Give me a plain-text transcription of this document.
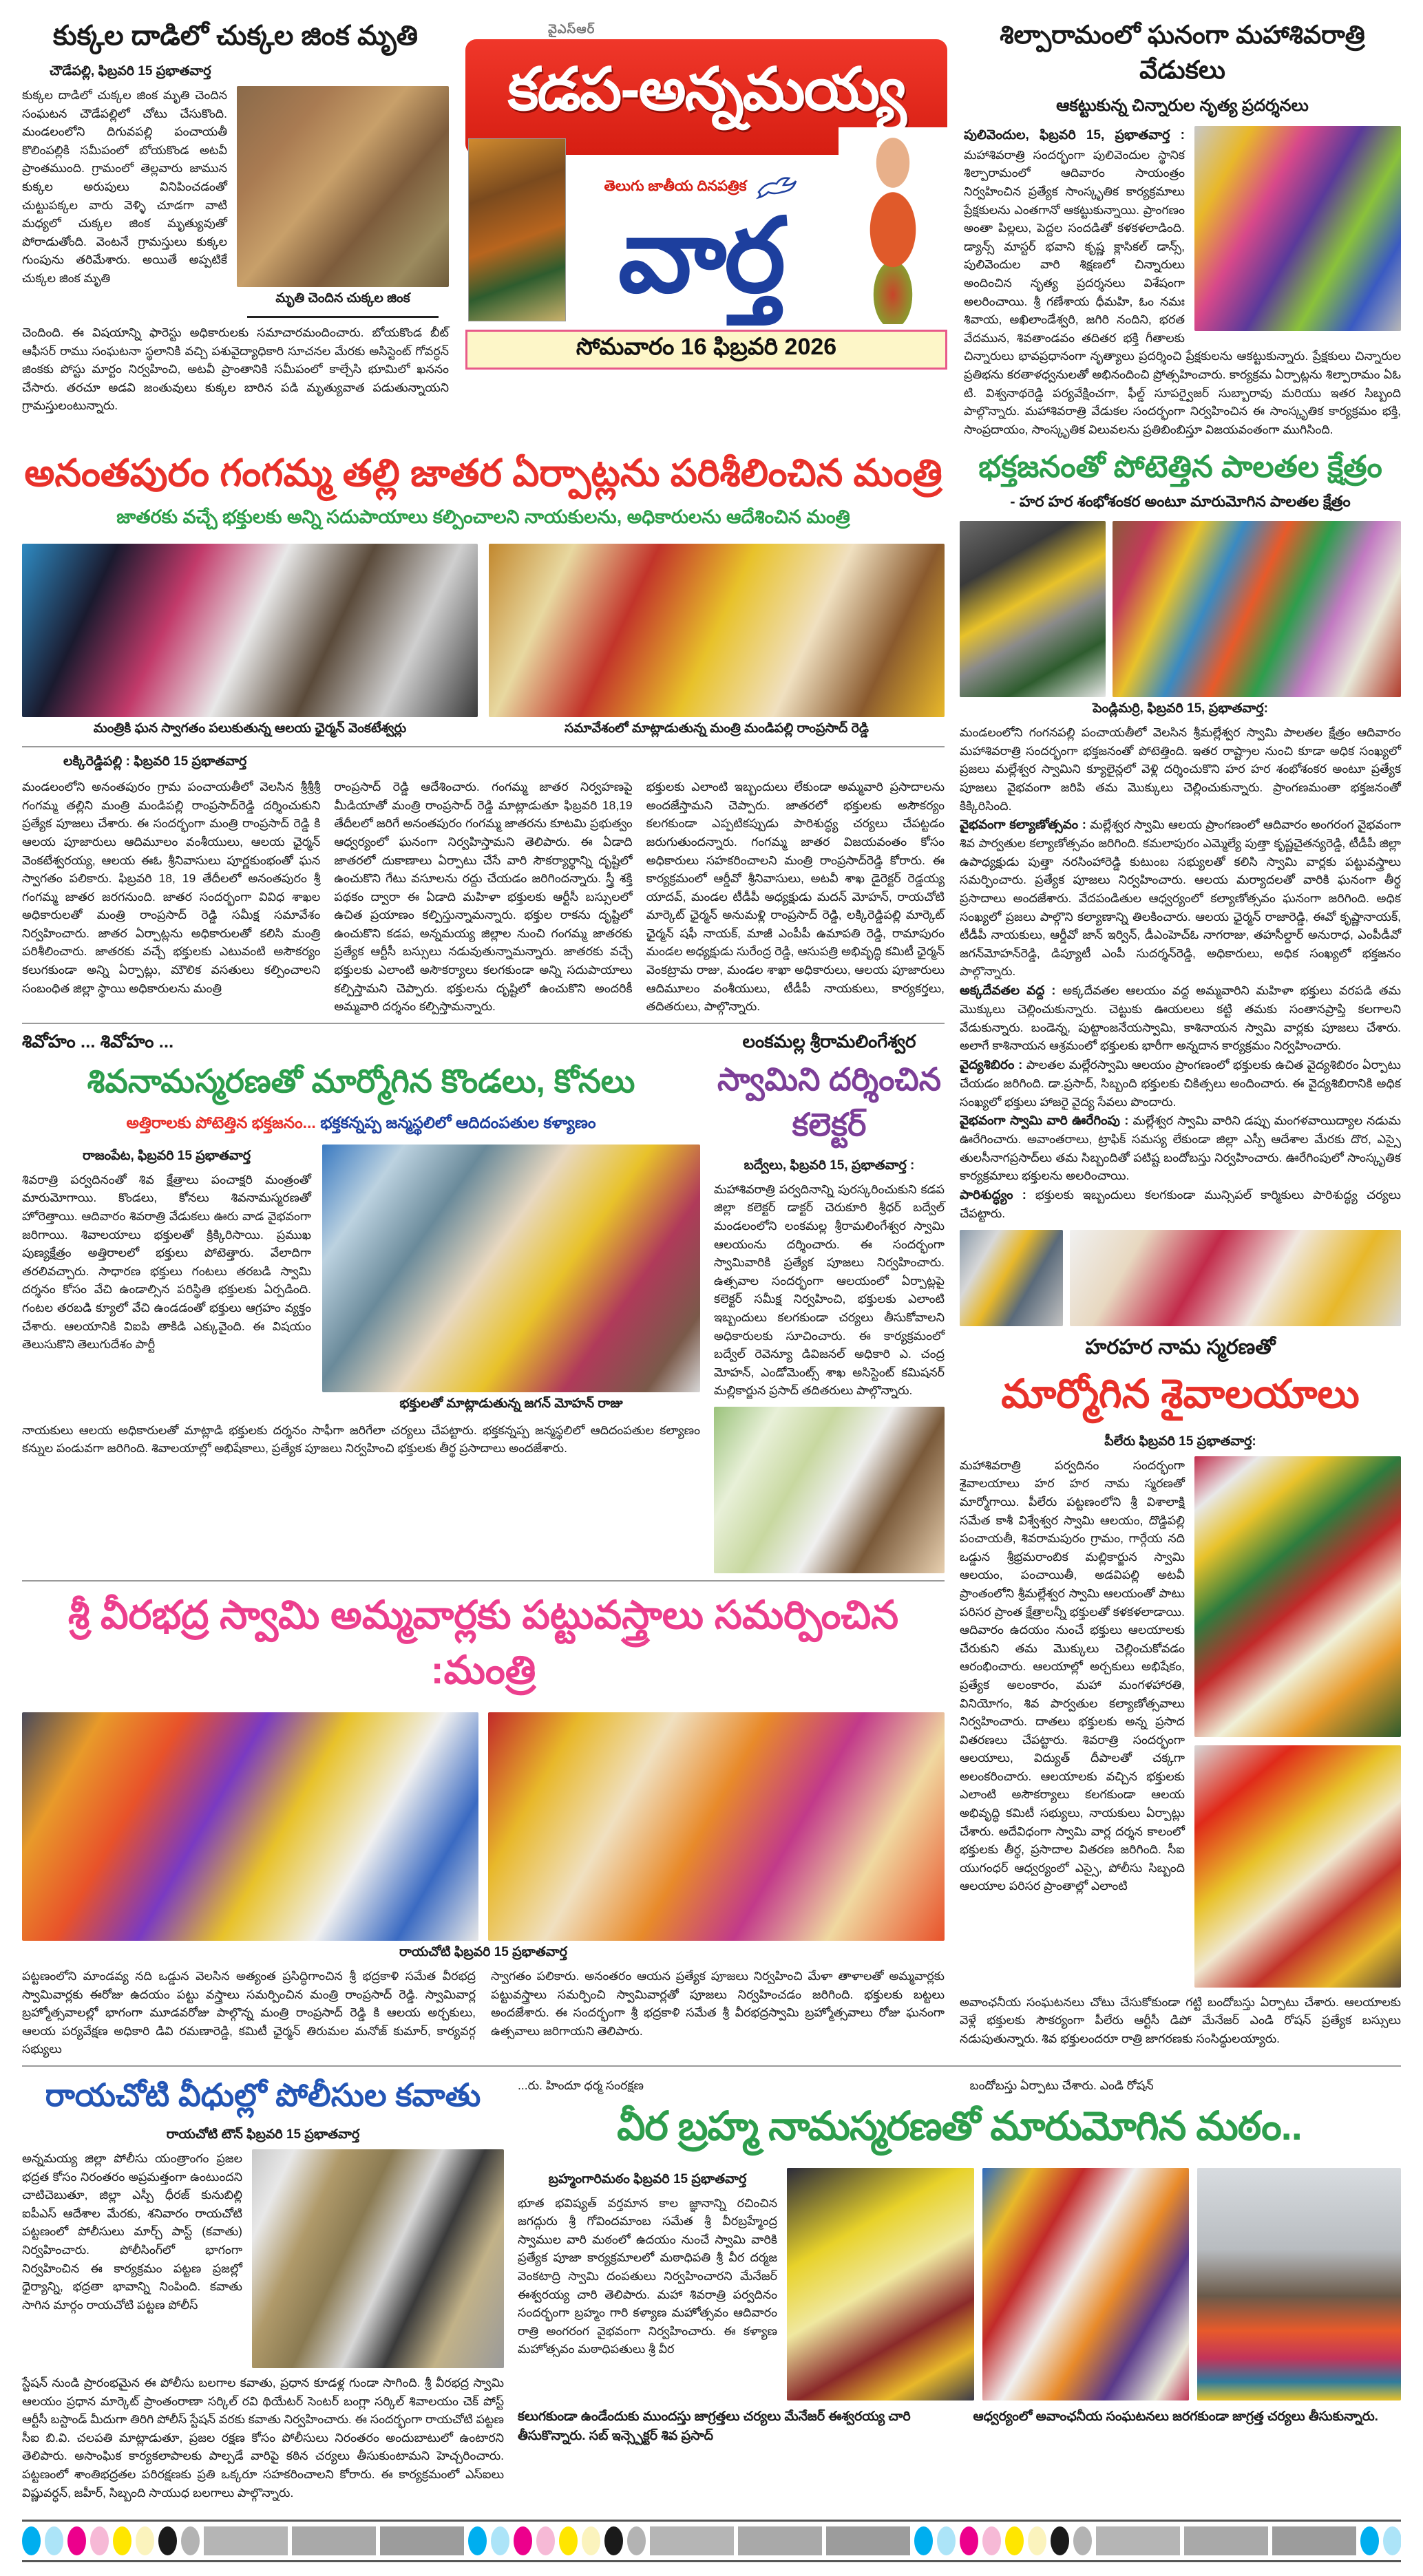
కుక్కల దాడిలో చుక్కల జింక మృతి
చౌడేపల్లి, ఫిబ్రవరి 15 ప్రభాతవార్త
కుక్కల దాడిలో చుక్కల జింక మృతి చెందిన సంఘటన చౌడేపల్లిలో చోటు చేసుకొంది. మండలంలోని దిగువపల్లి పంచాయతీ కొలింపల్లికి సమీపంలో బోయకొండ అటవీ ప్రాంతముంది. గ్రామంలో తెల్లవారు జామున కుక్కల అరుపులు వినిపించడంతో చుట్టుపక్కల వారు వెళ్ళి చూడగా వాటి మధ్యలో చుక్కల జింక మృత్యువుతో పోరాడుతోంది. వెంటనే గ్రామస్తులు కుక్కల గుంపును తరిమేశారు. అయితే అప్పటికే చుక్కల జింక మృతి
మృతి చెందిన చుక్కల జింక
చెందింది. ఈ విషయాన్ని ఫారెస్టు అధికారులకు సమాచారమందించారు. బోయకొండ బీట్ ఆఫీసర్ రాము సంఘటనా స్థలానికి వచ్చి పశువైద్యాధికారి సూచనల మేరకు అసిస్టెంట్ గోవర్ధన్ జింకకు పోస్టు మార్టం నిర్వహించి, అటవీ ప్రాంతానికి సమీపంలో కాల్చేసి భూమిలో ఖననం చేసారు. తరచూ అడవి జంతువులు కుక్కల బారిన పడి మృత్యువాత పడుతున్నాయని గ్రామస్తులంటున్నారు.
వైఎస్ఆర్
కడప-అన్నమయ్య
తెలుగు జాతీయ దినపత్రిక
వార్త
సోమవారం 16 ఫిబ్రవరి 2026
శిల్పారామంలో ఘనంగా మహాశివరాత్రి వేడుకలు
ఆకట్టుకున్న చిన్నారుల నృత్య ప్రదర్శనలు
పులివెందుల, ఫిబ్రవరి 15, ప్రభాతవార్త : మహాశివరాత్రి సందర్భంగా పులివెందుల స్థానిక శిల్పారామంలో ఆదివారం సాయంత్రం నిర్వహించిన ప్రత్యేక సాంస్కృతిక కార్యక్రమాలు ప్రేక్షకులను ఎంతగానో ఆకట్టుకున్నాయి. ప్రాంగణం అంతా పిల్లలు, పెద్దల సందడితో కళకళలాడింది. డ్యాన్స్ మాస్టర్ భవాని కృష్ణ క్లాసికల్ డాన్స్, పులివెందుల వారి శిక్షణలో చిన్నారులు అందించిన నృత్య ప్రదర్శనలు విశేషంగా అలరించాయి. శ్రీ గణేశాయ ధీమహి, ఓం నమః శివాయ, అఖిలాండేశ్వరి, జగిరి నందిని, భరత వేదమున, శివతాండవం తదితర భక్తి గీతాలకు చిన్నారులు భావప్రధానంగా నృత్యాలు ప్రదర్శించి ప్రేక్షకులను ఆకట్టుకున్నారు. ప్రేక్షకులు చిన్నారుల ప్రతిభను కరతాళధ్వనులతో అభినందించి ప్రోత్సహించారు. కార్యక్రమ ఏర్పాట్లను శిల్పారామం ఏఓ టి. విశ్వనాథరెడ్డి పర్యవేక్షించగా, ఫీల్డ్ సూపర్వైజర్ సుబ్బారావు మరియు ఇతర సిబ్బంది పాల్గొన్నారు. మహాశివరాత్రి వేడుకల సందర్భంగా నిర్వహించిన ఈ సాంస్కృతిక కార్యక్రమం భక్తి, సాంప్రదాయం, సాంస్కృతిక విలువలను ప్రతిబింబిస్తూ విజయవంతంగా ముగిసింది.
అనంతపురం గంగమ్మ తల్లి జాతర ఏర్పాట్లను పరిశీలించిన మంత్రి
జాతరకు వచ్చే భక్తులకు అన్ని సదుపాయాలు కల్పించాలని నాయకులను, అధికారులను ఆదేశించిన మంత్రి
మంత్రికి ఘన స్వాగతం పలుకుతున్న ఆలయ ఛైర్మన్ వెంకటేశ్వర్లు	సమావేశంలో మాట్లాడుతున్న మంత్రి మండిపల్లి రాంప్రసాద్ రెడ్డి
లక్కిరెడ్డిపల్లి : ఫిబ్రవరి 15 ప్రభాతవార్త
మండలంలోని అనంతపురం గ్రామ పంచాయతీలో వెలసిన శ్రీశ్రీశ్రీ గంగమ్మ తల్లిని మంత్రి మండిపల్లి రాంప్రసాద్‌రెడ్డి దర్శించుకుని ప్రత్యేక పూజలు చేశారు. ఈ సందర్భంగా మంత్రి రాంప్రసాద్ రెడ్డి కి ఆలయ పూజారులు ఆదిమూలం వంశీయులు, ఆలయ ఛైర్మన్ వెంకటేశ్వరయ్య, ఆలయ ఈఓ శ్రీనివాసులు పూర్ణకుంభంతో ఘన స్వాగతం పలికారు. ఫిబ్రవరి 18, 19 తేదీలలో అనంతపురం శ్రీ గంగమ్మ జాతర జరగనుంది. జాతర సందర్భంగా వివిధ శాఖల అధికారులతో మంత్రి రాంప్రసాద్ రెడ్డి సమీక్ష సమావేశం నిర్వహించారు. జాతర ఏర్పాట్లను అధికారులతో కలిసి మంత్రి పరిశీలించారు. జాతరకు వచ్చే భక్తులకు ఎటువంటి అసౌకర్యం కలుగకుండా అన్ని ఏర్పాట్లు, మౌలిక వసతులు కల్పించాలని సంబంధిత జిల్లా స్థాయి అధికారులను మంత్రి
రాంప్రసాద్ రెడ్డి ఆదేశించారు. గంగమ్మ జాతర నిర్వహణపై మీడియాతో మంత్రి రాంప్రసాద్ రెడ్డి మాట్లాడుతూ ఫిబ్రవరి 18,19 తేదీలలో జరిగే అనంతపురం గంగమ్మ జాతరను కూటమి ప్రభుత్వం ఆధ్వర్యంలో ఘనంగా నిర్వహిస్తామని తెలిపారు. ఈ ఏడాది జాతరలో దుకాణాలు ఏర్పాటు చేసే వారి సౌకర్యార్థాన్ని దృష్టిలో ఉంచుకొని గేటు వసూలను రద్దు చేయడం జరిగిందన్నారు. స్త్రీ శక్తి పథకం ద్వారా ఈ ఏడాది మహిళా భక్తులకు ఆర్టీసీ బస్సులలో ఉచిత ప్రయాణం కల్పిస్తున్నామన్నారు. భక్తుల రాకను దృష్టిలో ఉంచుకొని కడప, అన్నమయ్య జిల్లాల నుంచి గంగమ్మ జాతరకు ప్రత్యేక ఆర్టీసీ బస్సులు నడువుతున్నామన్నారు. జాతరకు వచ్చే భక్తులకు ఎలాంటి అసౌకర్యాలు కలగకుండా అన్ని సదుపాయాలు కల్పిస్తామని చెప్పారు. భక్తులను దృష్టిలో ఉంచుకొని అందరికీ అమ్మవారి దర్శనం కల్పిస్తామన్నారు.
భక్తులకు ఎలాంటి ఇబ్బందులు లేకుండా అమ్మవారి ప్రసాదాలను అందజేస్తామని చెప్పారు. జాతరలో భక్తులకు అసౌకర్యం కలగకుండా ఎప్పటికప్పుడు పారిశుద్ధ్య చర్యలు చేపట్టడం జరుగుతుందన్నారు. గంగమ్మ జాతర విజయవంతం కోసం అధికారులు సహకరించాలని మంత్రి రాంప్రసాద్‌రెడ్డి కోరారు. ఈ కార్యక్రమంలో ఆర్డీవో శ్రీనివాసులు, అటవీ శాఖ డైరెక్టర్ రెడ్డయ్య యాదవ్, మండల టీడీపీ అధ్యక్షుడు మదన్ మోహన్, రాయచోటి మార్కెట్ ఛైర్మన్ అనుమళ్లి రాంప్రసాద్ రెడ్డి, లక్కిరెడ్డిపల్లి మార్కెట్ ఛైర్మన్ షఫీ నాయక్, మాజీ ఎంపీపీ ఉమాపతి రెడ్డి, రామాపురం మండల అధ్యక్షుడు సురేంద్ర రెడ్డి, ఆసుపత్రి అభివృద్ధి కమిటీ ఛైర్మన్ వెంకట్రామ రాజు, మండల శాఖా అధికారులు, ఆలయ పూజారులు ఆదిమూలం వంశీయులు, టీడీపీ నాయకులు, కార్యకర్తలు, తదితరులు, పాల్గొన్నారు.
శివోహం ... శివోహం ...
శివనామస్మరణతో మార్మోగిన కొండలు, కోనలు
అత్తిరాలకు పోటెత్తిన భక్తజనం... భక్తకన్నప్ప జన్మస్థలిలో ఆదిదంపతుల కళ్యాణం
రాజంపేట, ఫిబ్రవరి 15 ప్రభాతవార్త
శివరాత్రి పర్వదినంతో శివ క్షేత్రాలు పంచాక్షరి మంత్రంతో మారుమోగాయి. కొండలు, కోనలు శివనామస్మరణతో హోరెత్తాయి. ఆదివారం శివరాత్రి వేడుకలు ఊరు వాడ వైభవంగా జరిగాయి. శివాలయాలు భక్తులతో క్రిక్కిరిసాయి. ప్రముఖ పుణ్యక్షేత్రం అత్తిరాలలో భక్తులు పోటెత్తారు. వేలాదిగా తరలివచ్చారు. సాధారణ భక్తులు గంటలు తరబడి స్వామి దర్శనం కోసం వేచి ఉండాల్సిన పరిస్థితి భక్తులకు ఏర్పడింది. గంటల తరబడి క్యూలో వేచి ఉండడంతో భక్తులు ఆగ్రహం వ్యక్తం చేశారు. ఆలయానికి విఐపి తాకిడి ఎక్కువైంది. ఈ విషయం తెలుసుకొని తెలుగుదేశం పార్టీ
భక్తులతో మాట్లాడుతున్న జగన్ మోహన్ రాజు
నాయకులు ఆలయ అధికారులతో మాట్లాడి భక్తులకు దర్శనం సాఫీగా జరిగేలా చర్యలు చేపట్టారు. భక్తకన్నప్ప జన్మస్థలిలో ఆదిదంపతుల కల్యాణం కన్నుల పండువగా జరిగింది. శివాలయాల్లో అభిషేకాలు, ప్రత్యేక పూజలు నిర్వహించి భక్తులకు తీర్థ ప్రసాదాలు అందజేశారు.
లంకమల్ల శ్రీరామలింగేశ్వర
స్వామిని దర్శించిన కలెక్టర్
బద్వేలు, ఫిబ్రవరి 15, ప్రభాతవార్త :
మహాశివరాత్రి పర్వదినాన్ని పురస్కరించుకుని కడప జిల్లా కలెక్టర్ డాక్టర్ చెరుకూరి శ్రీధర్ బద్వేల్ మండలంలోని లంకమల్ల శ్రీరామలింగేశ్వర స్వామి ఆలయంను దర్శించారు. ఈ సందర్భంగా స్వామివారికి ప్రత్యేక పూజలు నిర్వహించారు. ఉత్సవాల సందర్భంగా ఆలయంలో ఏర్పాట్లపై కలెక్టర్ సమీక్ష నిర్వహించి, భక్తులకు ఎలాంటి ఇబ్బందులు కలగకుండా చర్యలు తీసుకోవాలని అధికారులకు సూచించారు. ఈ కార్యక్రమంలో బద్వేల్ రెవెన్యూ డివిజనల్ అధికారి ఎ. చంద్ర మోహన్, ఎండోమెంట్స్ శాఖ అసిస్టెంట్ కమిషనర్ మల్లికార్జున ప్రసాద్ తదితరులు పాల్గొన్నారు.
శ్రీ వీరభద్ర స్వామి అమ్మవార్లకు పట్టువస్త్రాలు సమర్పించిన :మంత్రి
రాయచోటి ఫిబ్రవరి 15 ప్రభాతవార్త
పట్టణంలోని మాండవ్య నది ఒడ్డున వెలసిన అత్యంత ప్రసిద్ధిగాంచిన శ్రీ భద్రకాళి సమేత వీరభద్ర స్వామివార్లకు ఈరోజు ఉదయం పట్టు వస్త్రాలు సమర్పించిన మంత్రి రాంప్రసాద్ రెడ్డి. స్వామివార్ల బ్రహ్మోత్సవాలల్లో భాగంగా మూడవరోజు పాల్గొన్న మంత్రి రాంప్రసాద్ రెడ్డి కి ఆలయ అర్చకులు, ఆలయ పర్యవేక్షణ అధికారి డివి రమణారెడ్డి, కమిటీ ఛైర్మన్ తిరుమల మనోజ్ కుమార్, కార్యవర్గ సభ్యులు
స్వాగతం పలికారు. అనంతరం ఆయన ప్రత్యేక పూజలు నిర్వహించి మేళా తాళాలతో అమ్మవార్లకు పట్టువస్త్రాలు సమర్పించి స్వామివార్లతో పూజలు నిర్వహించడం జరిగింది. భక్తులకు బట్టలు అందజేశారు. ఈ సందర్భంగా శ్రీ భద్రకాళి సమేత శ్రీ వీరభద్రస్వామి బ్రహ్మోత్సవాలు రోజు ఘనంగా ఉత్సవాలు జరిగాయని తెలిపారు.
భక్తజనంతో పోటెత్తిన పాలతల క్షేత్రం
- హర హర శంభోశంకర అంటూ మారుమోగిన పాలతల క్షేత్రం
పెండ్లిమర్రి, ఫిబ్రవరి 15, ప్రభాతవార్త:
మండలంలోని గంగనపల్లి పంచాయతీలో వెలసిన శ్రీమల్లేశ్వర స్వామి పాలతల క్షేత్రం ఆదివారం మహాశివరాత్రి సందర్భంగా భక్తజనంతో పోటెత్తింది. ఇతర రాష్ట్రాల నుంచి కూడా అధిక సంఖ్యలో ప్రజలు మల్లేశ్వర స్వామిని క్యూలైన్లలో వెళ్లి దర్శించుకొని హర హర శంభోశంకర అంటూ ప్రత్యేక పూజలు వైభవంగా జరిపి తమ మొక్కులు చెల్లించుకున్నారు. ప్రాంగణమంతా భక్తజనంతో కిక్కిరిసింది.

వైభవంగా కల్యాణోత్సవం : మల్లేశ్వర స్వామి ఆలయ ప్రాంగణంలో ఆదివారం అంగరంగ వైభవంగా శివ పార్వతుల కల్యాణోత్సవం జరిగింది. కమలాపురం ఎమ్మెల్యే పుత్తా కృష్ణచైతన్యరెడ్డి, టీడీపీ జిల్లా ఉపాధ్యక్షుడు పుత్తా నరసింహారెడ్డి కుటుంబ సభ్యులతో కలిసి స్వామి వార్లకు పట్టువస్త్రాలు సమర్పించారు. ప్రత్యేక పూజలు నిర్వహించారు. ఆలయ మర్యాదలతో వారికి ఘనంగా తీర్థ ప్రసాదాలు అందజేశారు. వేదపండితుల ఆధ్వర్యంలో కల్యాణోత్సవం ఘనంగా జరిగింది. అధిక సంఖ్యలో ప్రజలు పాల్గొని కల్యాణాన్ని తిలకించారు. ఆలయ ఛైర్మన్ రాజారెడ్డి, ఈవో కృష్ణానాయక్, టీడీపీ నాయకులు, ఆర్డీవో జాన్ ఇర్విన్, డీఎంహెచ్ఓ నాగరాజు, తహసీల్దార్ అనురాధ, ఎంపీడీవో జగన్‌మోహన్‌రెడ్డి, డిప్యూటీ ఎంపీ సుదర్శన్‌రెడ్డి, అధికారులు, అధిక సంఖ్యలో భక్తజనం పాల్గొన్నారు.

అక్కదేవతల వద్ద : అక్కదేవతల ఆలయం వద్ద అమ్మవారిని మహిళా భక్తులు వరపడి తమ మొక్కులు చెల్లించుకున్నారు. చెట్టుకు ఊయలలు కట్టి తమకు సంతానప్రాప్తి కలగాలని వేడుకున్నారు. బండెన్న, పుట్టాంజనేయస్వామి, కాశినాయన స్వామి వార్లకు పూజలు చేశారు. అలాగే కాశినాయన ఆశ్రమంలో భక్తులకు భారీగా అన్నదాన కార్యక్రమం నిర్వహించారు.

వైద్యశిబిరం : పాలతల మల్లేరస్వామి ఆలయం ప్రాంగణంలో భక్తులకు ఉచిత వైద్యశిబిరం ఏర్పాటు చేయడం జరిగింది. డా.ప్రసాద్, సిబ్బంది భక్తులకు చికిత్సలు అందించారు. ఈ వైద్యశిబిరానికి అధిక సంఖ్యలో భక్తులు హాజరై వైద్య సేవలు పొందారు.

వైభవంగా స్వామి వారి ఊరేగింపు : మల్లేశ్వర స్వామి వారిని డప్పు మంగళవాయిద్యాల నడుమ ఊరేగించారు. అవాంతరాలు, ట్రాఫిక్ సమస్య లేకుండా జిల్లా ఎస్పీ ఆదేశాల మేరకు దొర, ఎస్సై తులసీనాగప్రసాద్‌లు తమ సిబ్బందితో పటిష్ట బందోబస్తు నిర్వహించారు. ఊరేగింపులో సాంస్కృతిక కార్యక్రమాలు భక్తులను అలరించాయి.

పారిశుద్ధ్యం : భక్తులకు ఇబ్బందులు కలగకుండా మున్సిపల్ కార్మికులు పారిశుద్ధ్య చర్యలు చేపట్టారు.

హరహర నామ స్మరణతో
మార్మోగిన శైవాలయాలు
పీలేరు ఫిబ్రవరి 15 ప్రభాతవార్త:
మహాశివరాత్రి పర్వదినం సందర్భంగా శైవాలయాలు హర హర నామ స్మరణతో మార్మోగాయి. పీలేరు పట్టణంలోని శ్రీ విశాలాక్షి సమేత కాశీ విశ్వేశ్వర స్వామి ఆలయం, దొడ్డిపల్లి పంచాయతీ, శివరామపురం గ్రామం, గార్గేయ నది ఒడ్డున శ్రీభ్రమరాంబిక మల్లికార్జున స్వామి ఆలయం, పంచాయితీ, అడవిపల్లి అటవీ ప్రాంతంలోని శ్రీమల్లేశ్వర స్వామి ఆలయంతో పాటు పరిసర ప్రాంత క్షేత్రాలన్నీ భక్తులతో కళకళలాడాయి. ఆదివారం ఉదయం నుంచే భక్తులు ఆలయాలకు చేరుకుని తమ మొక్కులు చెల్లించుకోవడం ఆరంభించారు. ఆలయాల్లో అర్చకులు అభిషేకం, ప్రత్యేక అలంకారం, మహా మంగళహారతి, వినియోగం, శివ పార్వతుల కల్యాణోత్సవాలు నిర్వహించారు. దాతలు భక్తులకు అన్న ప్రసాద వితరణలు చేపట్టారు. శివరాత్రి సందర్భంగా ఆలయాలు, విద్యుత్ దీపాలతో చక్కగా అలంకరించారు. ఆలయాలకు వచ్చిన భక్తులకు ఎలాంటి అసౌకర్యాలు కలగకుండా ఆలయ అభివృద్ధి కమిటీ సభ్యులు, నాయకులు ఏర్పాట్లు చేశారు. అదేవిధంగా స్వామి వార్ల దర్శన కాలంలో భక్తులకు తీర్థ, ప్రసాదాల వితరణ జరిగింది. సీఐ యుగంధర్ ఆధ్వర్యంలో ఎస్సై, పోలీసు సిబ్బంది ఆలయాల పరిసర ప్రాంతాల్లో ఎలాంటి
అవాంఛనీయ సంఘటనలు చోటు చేసుకోకుండా గట్టి బందోబస్తు ఏర్పాటు చేశారు. ఆలయాలకు వెళ్లే భక్తులకు సౌకర్యంగా పీలేరు ఆర్టీసీ డిపో మేనేజర్ ఎండి రోషన్ ప్రత్యేక బస్సులు నడుపుతున్నారు. శివ భక్తులందరూ రాత్రి జాగరణకు సంసిద్ధులయ్యారు.
రాయచోటి వీధుల్లో పోలీసుల కవాతు
రాయచోటి టౌన్ ఫిబ్రవరి 15 ప్రభాతవార్త
అన్నమయ్య జిల్లా పోలీసు యంత్రాంగం ప్రజల భద్రత కోసం నిరంతరం అప్రమత్తంగా ఉంటుందని చాటిచెబుతూ, జిల్లా ఎస్పీ ధీరజ్ కునుబిల్లి ఐపీఎస్ ఆదేశాల మేరకు, శనివారం రాయచోటి పట్టణంలో పోలీసులు మార్చ్ పాస్ట్ (కవాతు) నిర్వహించారు. పోలీసింగ్‌లో భాగంగా నిర్వహించిన ఈ కార్యక్రమం పట్టణ ప్రజల్లో ధైర్యాన్ని, భద్రతా భావాన్ని నింపింది. కవాతు సాగిన మార్గం రాయచోటి పట్టణ పోలీస్
స్టేషన్ నుండి ప్రారంభమైన ఈ పోలీసు బలగాల కవాతు, ప్రధాన కూడళ్ల గుండా సాగింది. శ్రీ వీరభద్ర స్వామి ఆలయం ప్రధాన మార్కెట్ ప్రాంతంరాణా సర్కిల్ రవి థియేటర్ సెంటర్ బంగ్లా సర్కిల్ శివాలయం చెక్ పోస్ట్ ఆర్టీసీ బస్టాండ్ మీదుగా తిరిగి పోలీస్ స్టేషన్ వరకు కవాతు నిర్వహించారు. ఈ సందర్భంగా రాయచోటి పట్టణ సీఐ బి.వి. చలపతి మాట్లాడుతూ, ప్రజల రక్షణ కోసం పోలీసులు నిరంతరం అందుబాటులో ఉంటారని తెలిపారు. అసాంఘిక కార్యకలాపాలకు పాల్పడే వారిపై కఠిన చర్యలు తీసుకుంటామని హెచ్చరించారు. పట్టణంలో శాంతిభద్రతల పరిరక్షణకు ప్రతి ఒక్కరూ సహకరించాలని కోరారు. ఈ కార్యక్రమంలో ఎస్ఐలు విష్ణువర్ధన్, జహీర్, సిబ్బంది సాయుధ బలగాలు పాల్గొన్నారు.
...రు. హిందూ ధర్మ సంరక్షణ	బందోబస్తు ఏర్పాటు చేశారు. ఎండి రోషన్
వీర బ్రహ్మ నామస్మరణతో మారుమోగిన మఠం..
బ్రహ్మంగారిమఠం ఫిబ్రవరి 15 ప్రభాతవార్త
భూత భవిష్యత్ వర్తమాన కాల జ్ఞానాన్ని రచించిన జగద్గురు శ్రీ గోవిందమాంబ సమేత శ్రీ వీరబ్రహ్మేంద్ర స్వాముల వారి మఠంలో ఉదయం నుంచే స్వామి వారికి ప్రత్యేక పూజా కార్యక్రమాలలో మఠాధిపతి శ్రీ వీర దర్మజ వెంకటాద్రి స్వామి దంపతులు నిర్వహించారని మేనేజర్ ఈశ్వరయ్య చారి తెలిపారు. మహా శివరాత్రి పర్వదినం సందర్భంగా బ్రహ్మం గారి కళ్యాణ మహోత్సవం ఆదివారం రాత్రి అంగరంగ వైభవంగా నిర్వహించారు. ఈ కళ్యాణ మహోత్సవం మఠాధిపతులు శ్రీ వీర
కలుగకుండా ఉండేందుకు ముందస్తు జాగ్రత్తలు చర్యలు మేనేజర్ ఈశ్వరయ్య చారి తీసుకొన్నారు. సబ్ ఇన్స్పెక్టర్ శివ ప్రసాద్
ఆధ్వర్యంలో అవాంఛనీయ సంఘటనలు జరగకుండా జాగ్రత్త చర్యలు తీసుకున్నారు.
